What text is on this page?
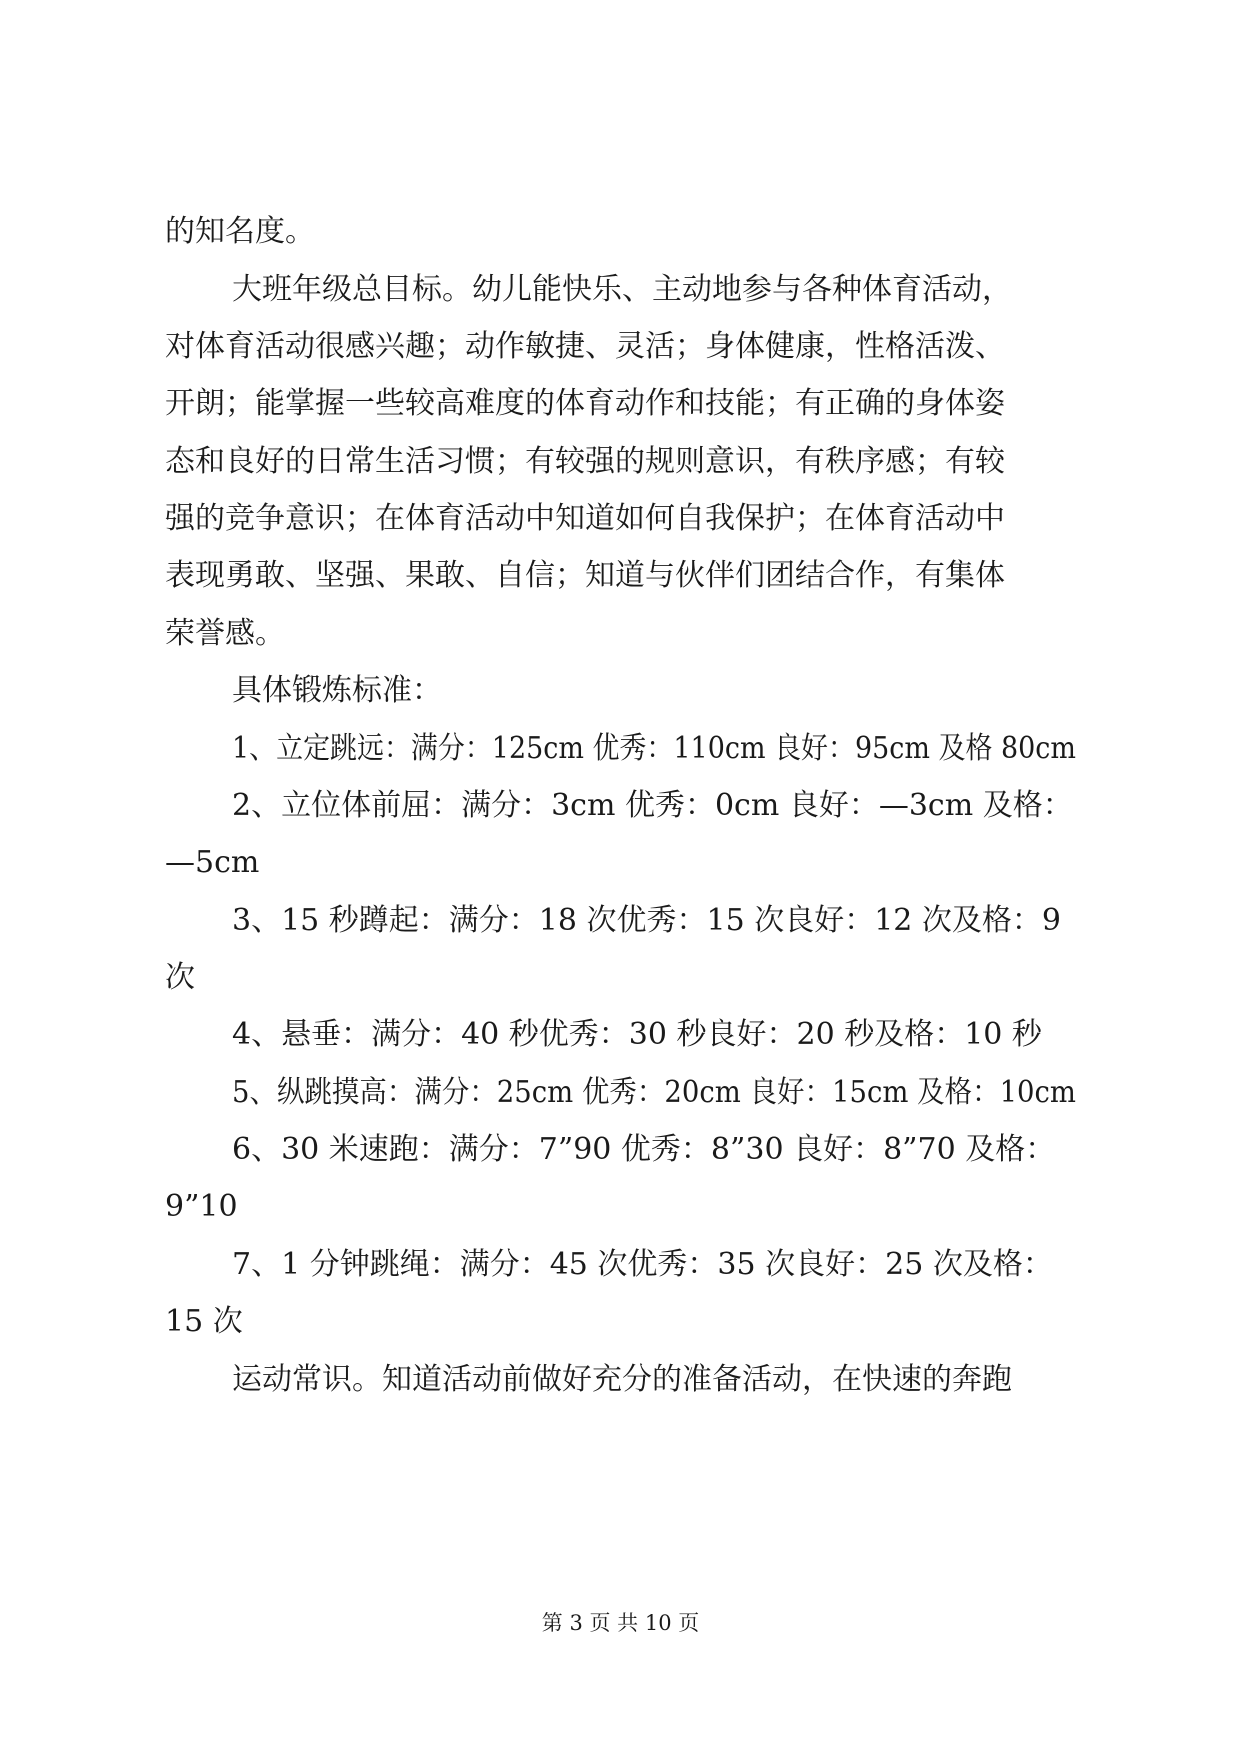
的知名度。
大班年级总目标。幼儿能快乐、主动地参与各种体育活动，
对体育活动很感兴趣；动作敏捷、灵活；身体健康，性格活泼、
开朗；能掌握一些较高难度的体育动作和技能；有正确的身体姿
态和良好的日常生活习惯；有较强的规则意识，有秩序感；有较
强的竞争意识；在体育活动中知道如何自我保护；在体育活动中
表现勇敢、坚强、果敢、自信；知道与伙伴们团结合作，有集体
荣誉感。
具体锻炼标准：
1、立定跳远：满分：125cm 优秀：110cm 良好：95cm 及格 80cm
2、立位体前屈：满分：3cm 优秀：0cm 良好：—3cm 及格：
—5cm
3、15 秒蹲起：满分：18 次优秀：15 次良好：12 次及格：9
次
4、悬垂：满分：40 秒优秀：30 秒良好：20 秒及格：10 秒
5、纵跳摸高：满分：25cm 优秀：20cm 良好：15cm 及格：10cm
6、30 米速跑：满分：7”90 优秀：8”30 良好：8”70 及格：
9”10
7、1 分钟跳绳：满分：45 次优秀：35 次良好：25 次及格：
15 次
运动常识。知道活动前做好充分的准备活动，在快速的奔跑
第 3 页 共 10 页
